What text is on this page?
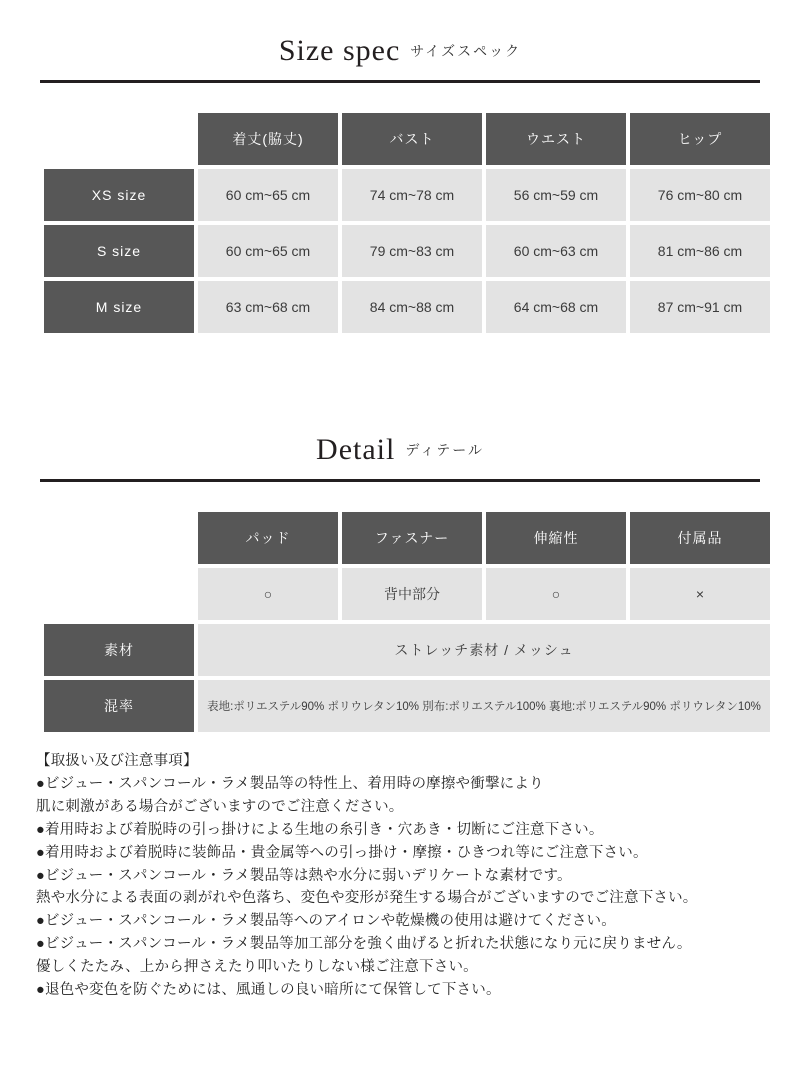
Size spec サイズスペック
	着丈(脇丈)	バスト	ウエスト	ヒップ
XS size	60 cm~65 cm	74 cm~78 cm	56 cm~59 cm	76 cm~80 cm
S size	60 cm~65 cm	79 cm~83 cm	60 cm~63 cm	81 cm~86 cm
M size	63 cm~68 cm	84 cm~88 cm	64 cm~68 cm	87 cm~91 cm
Detail ディテール
	パッド	ファスナー	伸縮性	付属品
	○	背中部分	○	×
素材	ストレッチ素材 / メッシュ			
混率	表地:ポリエステル90% ポリウレタン10% 別布:ポリエステル100% 裏地:ポリエステル90% ポリウレタン10%			
【取扱い及び注意事項】
●ビジュー・スパンコール・ラメ製品等の特性上、着用時の摩擦や衝撃により
肌に刺激がある場合がございますのでご注意ください。
●着用時および着脱時の引っ掛けによる生地の糸引き・穴あき・切断にご注意下さい。
●着用時および着脱時に装飾品・貴金属等への引っ掛け・摩擦・ひきつれ等にご注意下さい。
●ビジュー・スパンコール・ラメ製品等は熱や水分に弱いデリケートな素材です。
熱や水分による表面の剥がれや色落ち、変色や変形が発生する場合がございますのでご注意下さい。
●ビジュー・スパンコール・ラメ製品等へのアイロンや乾燥機の使用は避けてください。
●ビジュー・スパンコール・ラメ製品等加工部分を強く曲げると折れた状態になり元に戻りません。
優しくたたみ、上から押さえたり叩いたりしない様ご注意下さい。
●退色や変色を防ぐためには、風通しの良い暗所にて保管して下さい。
